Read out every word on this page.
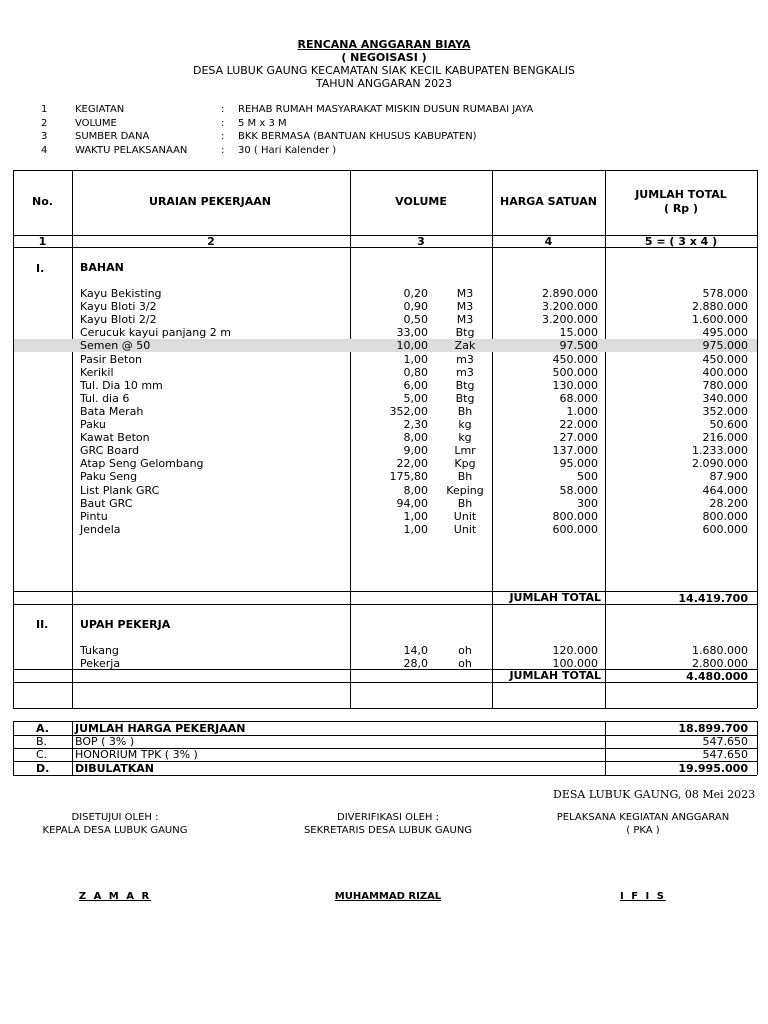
RENCANA ANGGARAN BIAYA
( NEGOISASI )
DESA LUBUK GAUNG KECAMATAN SIAK KECIL KABUPATEN BENGKALIS
TAHUN ANGGARAN 2023
1	KEGIATAN	: REHAB RUMAH MASYARAKAT MISKIN DUSUN RUMABAI JAYA
2	VOLUME	: 5 M x 3 M
3	SUMBER DANA	: BKK BERMASA (BANTUAN KHUSUS KABUPATEN)
4	WAKTU PELAKSANAAN	: 30 ( Hari Kalender )
No.	URAIAN PEKERJAAN	VOLUME	HARGA SATUAN
JUMLAH TOTAL
( Rp )
1	2	3	4	5 = ( 3 x 4 )
I.	BAHAN
Kayu Bekisting	0,20	M3	2.890.000	578.000
Kayu Bloti 3/2	0,90	M3	3.200.000	2.880.000
Kayu Bloti 2/2	0,50	M3	3.200.000	1.600.000
Cerucuk kayui panjang 2 m	33,00	Btg	15.000	495.000
Semen @ 50	10,00	Zak	97.500	975.000
Pasir Beton	1,00	m3	450.000	450.000
Kerikil	0,80	m3	500.000	400.000
Tul. Dia 10 mm	6,00	Btg	130.000	780.000
Tul. dia 6	5,00	Btg	68.000	340.000
Bata Merah	352,00	Bh	1.000	352.000
Paku	2,30	kg	22.000	50.600
Kawat Beton	8,00	kg	27.000	216.000
GRC Board	9,00	Lmr	137.000	1.233.000
Atap Seng Gelombang	22,00	Kpg	95.000	2.090.000
Paku Seng	175,80	Bh	500	87.900
List Plank GRC	8,00	Keping	58.000	464.000
Baut GRC	94,00	Bh	300	28.200
Pintu	1,00	Unit	800.000	800.000
Jendela	1,00	Unit	600.000	600.000
JUMLAH TOTAL	14.419.700
II.	UPAH PEKERJA
Tukang	14,0	oh	120.000	1.680.000
Pekerja	28,0	oh	100.000	2.800.000
JUMLAH TOTAL	4.480.000
A. JUMLAH HARGA PEKERJAAN	18.899.700
B.	BOP ( 3% )	547.650
C.	HONORIUM TPK ( 3% )	547.650
D. DIBULATKAN	19.995.000
DESA LUBUK GAUNG, 08 Mei 2023
DISETUJUI OLEH :
KEPALA DESA LUBUK GAUNG
Z A M A R
DIVERIFIKASI OLEH :
SEKRETARIS DESA LUBUK GAUNG
MUHAMMAD RIZAL
PELAKSANA KEGIATAN ANGGARAN
( PKA )
I F I S
